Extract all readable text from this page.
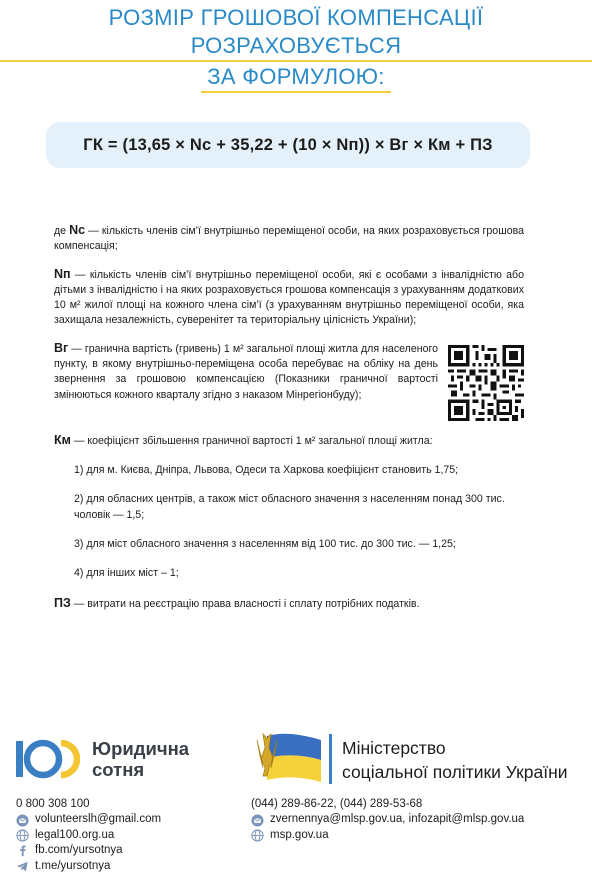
РОЗМІР ГРОШОВОЇ КОМПЕНСАЦІЇ РОЗРАХОВУЄТЬСЯ
ЗА ФОРМУЛОЮ:
ГК = (13,65 × Nс + 35,22 + (10 × Nп)) × Вг × Км + ПЗ

де Nс — кількість членів сім’ї внутрішньо переміщеної особи, на яких розраховується грошова компенсація;

Nп — кількість членів сім’ї внутрішньо переміщеної особи, які є особами з інвалідністю або дітьми з інвалідністю і на яких розраховується грошова компенсація з урахуванням додаткових 10 м² жилої площі на кожного члена сім’ї (з урахуванням внутрішньо переміщеної особи, яка захищала незалежність, суверенітет та територіальну цілісність України);

Вг — гранична вартість (гривень) 1 м² загальної площі житла для населеного пункту, в якому внутрішньо-переміщена особа перебуває на обліку на день звернення за грошовою компенсацією (Показники граничної вартості змінюються кожного кварталу згідно з наказом Мінрегіонбуду);

Км — коефіцієнт збільшення граничної вартості 1 м² загальної площі житла:

1) для м. Києва, Дніпра, Львова, Одеси та Харкова коефіцієнт становить 1,75;

2) для обласних центрів, а також міст обласного значення з населенням понад 300 тис. чоловік — 1,5;

3) для міст обласного значення з населенням від 100 тис. до 300 тис. — 1,25;

4) для інших міст – 1;

ПЗ — витрати на реєстрацію права власності і сплату потрібних податків.

Юридична
сотня
Міністерство
соціальної політики України
0 800 308 100
volunteerslh@gmail.com
legal100.org.ua
fb.com/yursotnya
t.me/yursotnya
(044) 289-86-22, (044) 289-53-68
zvernennya@mlsp.gov.ua, infozapit@mlsp.gov.ua
msp.gov.ua
